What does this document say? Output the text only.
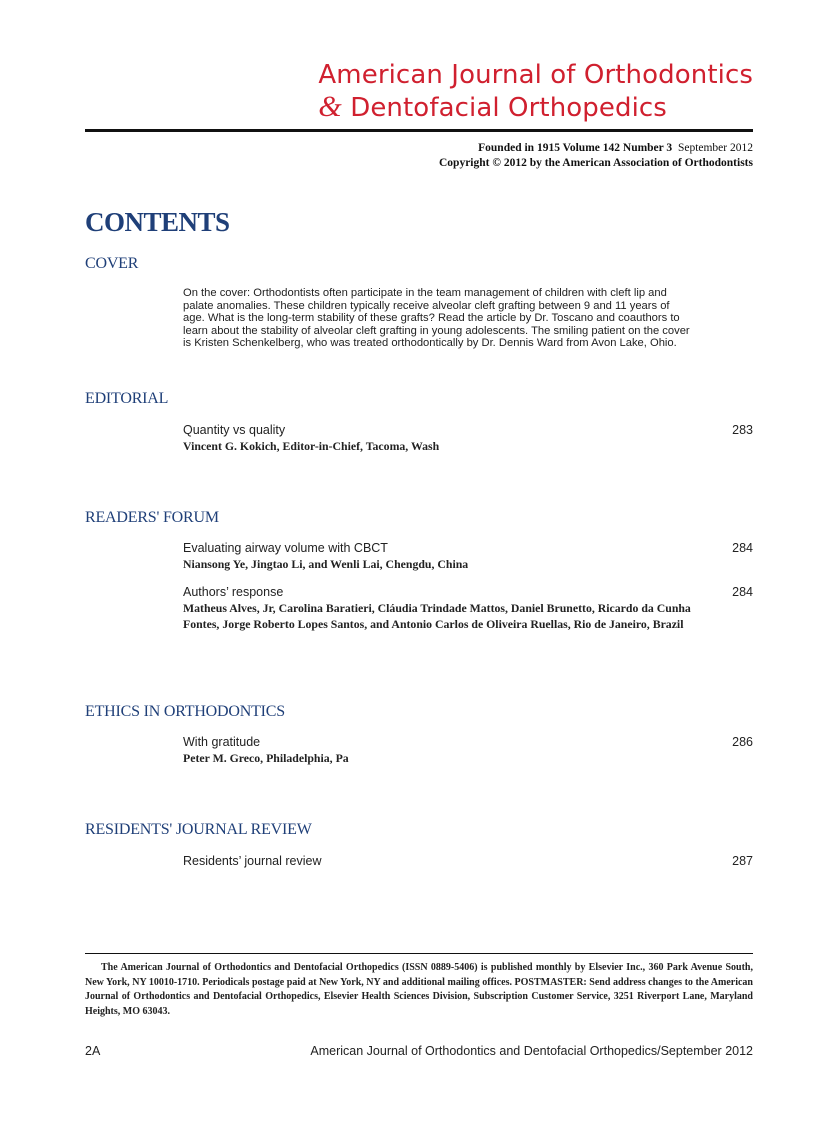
American Journal of Orthodontics
& Dentofacial Orthopedics
Founded in 1915 Volume 142 Number 3 September 2012
Copyright © 2012 by the American Association of Orthodontists
CONTENTS
COVER
On the cover: Orthodontists often participate in the team management of children with cleft lip and palate anomalies. These children typically receive alveolar cleft grafting between 9 and 11 years of age. What is the long-term stability of these grafts? Read the article by Dr. Toscano and coauthors to learn about the stability of alveolar cleft grafting in young adolescents. The smiling patient on the cover is Kristen Schenkelberg, who was treated orthodontically by Dr. Dennis Ward from Avon Lake, Ohio.
EDITORIAL
Quantity vs quality	283
Vincent G. Kokich, Editor-in-Chief, Tacoma, Wash
READERS' FORUM
Evaluating airway volume with CBCT	284
Niansong Ye, Jingtao Li, and Wenli Lai, Chengdu, China
Authors’ response	284
Matheus Alves, Jr, Carolina Baratieri, Cláudia Trindade Mattos, Daniel Brunetto, Ricardo da Cunha Fontes, Jorge Roberto Lopes Santos, and Antonio Carlos de Oliveira Ruellas, Rio de Janeiro, Brazil
ETHICS IN ORTHODONTICS
With gratitude	286
Peter M. Greco, Philadelphia, Pa
RESIDENTS' JOURNAL REVIEW
Residents’ journal review	287
The American Journal of Orthodontics and Dentofacial Orthopedics (ISSN 0889-5406) is published monthly by Elsevier Inc., 360 Park Avenue South, New York, NY 10010-1710. Periodicals postage paid at New York, NY and additional mailing offices. POSTMASTER: Send address changes to the American Journal of Orthodontics and Dentofacial Orthopedics, Elsevier Health Sciences Division, Subscription Customer Service, 3251 Riverport Lane, Maryland Heights, MO 63043.
2A	American Journal of Orthodontics and Dentofacial Orthopedics/September 2012
